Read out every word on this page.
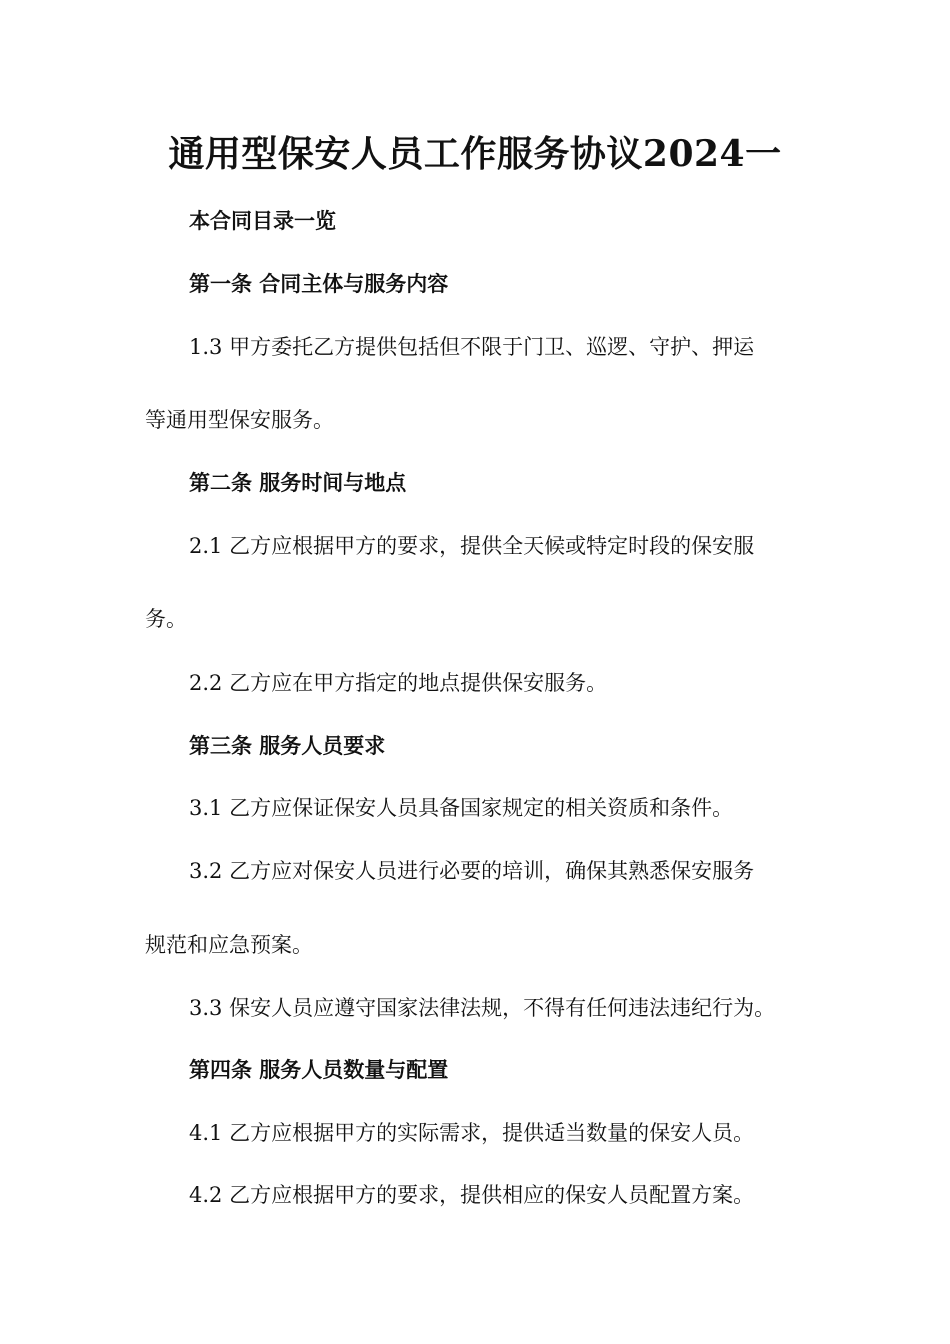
通用型保安人员工作服务协议2024一
本合同目录一览
第一条 合同主体与服务内容
1.3 甲方委托乙方提供包括但不限于门卫、巡逻、守护、押运
等通用型保安服务。
第二条 服务时间与地点
2.1 乙方应根据甲方的要求，提供全天候或特定时段的保安服
务。
2.2 乙方应在甲方指定的地点提供保安服务。
第三条 服务人员要求
3.1 乙方应保证保安人员具备国家规定的相关资质和条件。
3.2 乙方应对保安人员进行必要的培训，确保其熟悉保安服务
规范和应急预案。
3.3 保安人员应遵守国家法律法规，不得有任何违法违纪行为。
第四条 服务人员数量与配置
4.1 乙方应根据甲方的实际需求，提供适当数量的保安人员。
4.2 乙方应根据甲方的要求，提供相应的保安人员配置方案。
